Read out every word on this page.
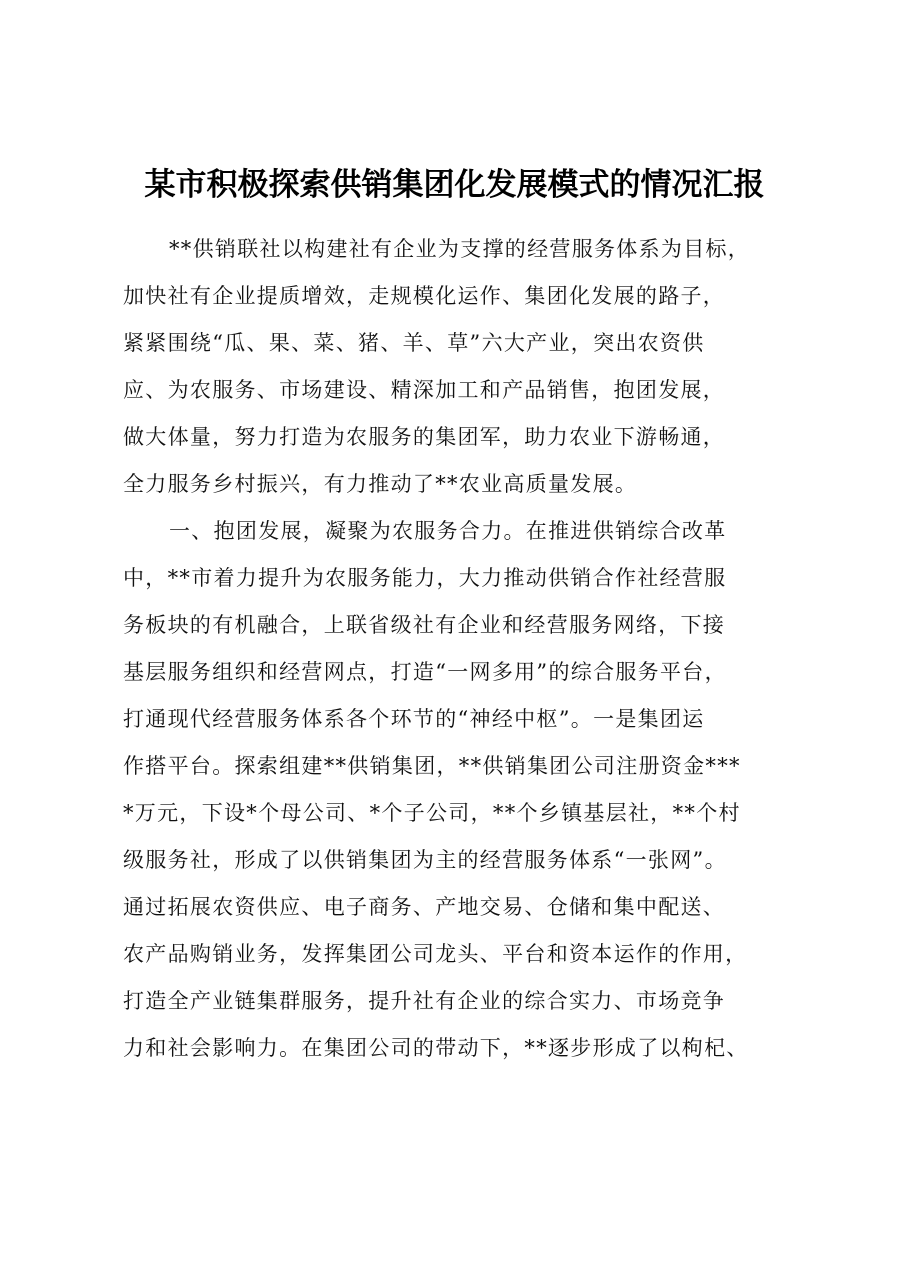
某市积极探索供销集团化发展模式的情况汇报
**供销联社以构建社有企业为支撑的经营服务体系为目标，
加快社有企业提质增效，走规模化运作、集团化发展的路子，
紧紧围绕“瓜、果、菜、猪、羊、草”六大产业，突出农资供
应、为农服务、市场建设、精深加工和产品销售，抱团发展，
做大体量，努力打造为农服务的集团军，助力农业下游畅通，
全力服务乡村振兴，有力推动了**农业高质量发展。
一、抱团发展，凝聚为农服务合力。在推进供销综合改革
中，**市着力提升为农服务能力，大力推动供销合作社经营服
务板块的有机融合，上联省级社有企业和经营服务网络，下接
基层服务组织和经营网点，打造“一网多用”的综合服务平台，
打通现代经营服务体系各个环节的“神经中枢”。一是集团运
作搭平台。探索组建**供销集团，**供销集团公司注册资金***
*万元，下设*个母公司、*个子公司，**个乡镇基层社，**个村
级服务社，形成了以供销集团为主的经营服务体系“一张网”。
通过拓展农资供应、电子商务、产地交易、仓储和集中配送、
农产品购销业务，发挥集团公司龙头、平台和资本运作的作用，
打造全产业链集群服务，提升社有企业的综合实力、市场竞争
力和社会影响力。在集团公司的带动下，**逐步形成了以枸杞、
